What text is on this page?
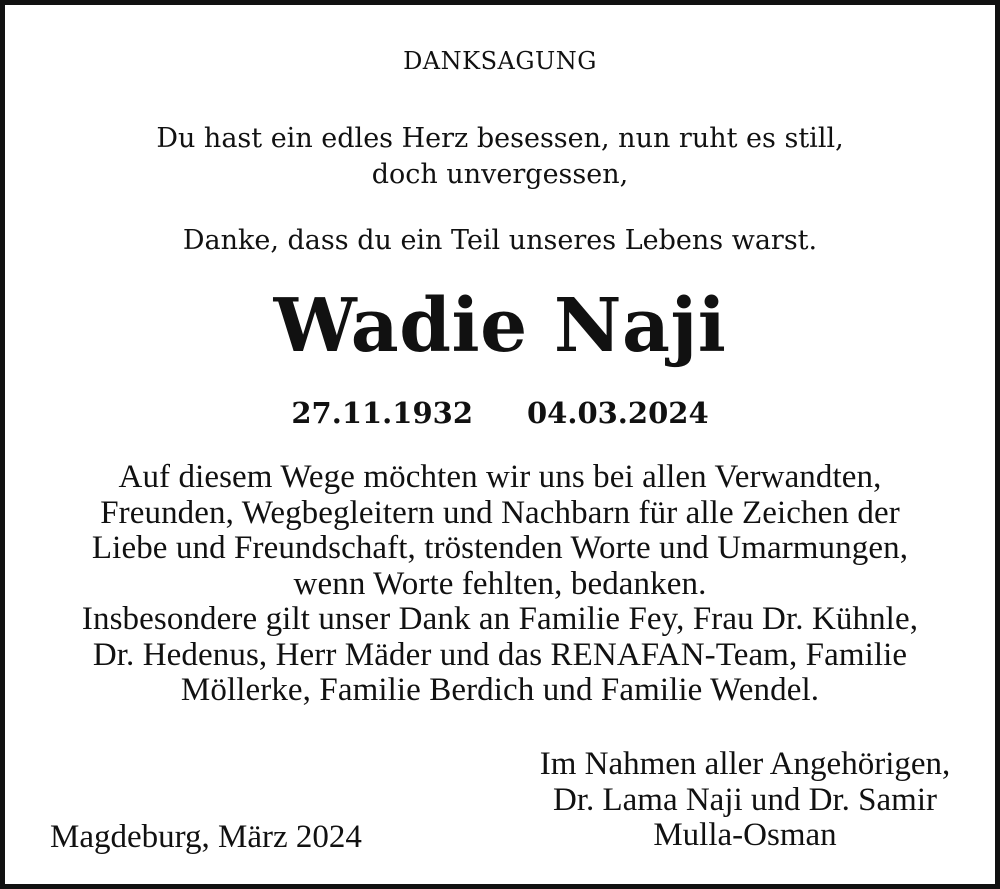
DANKSAGUNG

Du hast ein edles Herz besessen, nun ruht es still,

doch unvergessen,

Danke, dass du ein Teil unseres Lebens warst.

Wadie Naji
27.11.1932 04.03.2024
Auf diesem Wege möchten wir uns bei allen Verwandten,
Freunden, Wegbegleitern und Nachbarn für alle Zeichen der
Liebe und Freundschaft, tröstenden Worte und Umarmungen,
wenn Worte fehlten, bedanken.
Insbesondere gilt unser Dank an Familie Fey, Frau Dr. Kühnle,
Dr. Hedenus, Herr Mäder und das RENAFAN-Team, Familie
Möllerke, Familie Berdich und Familie Wendel.
Im Nahmen aller Angehörigen,
Dr. Lama Naji und Dr. Samir
Mulla-Osman
Magdeburg, März 2024
